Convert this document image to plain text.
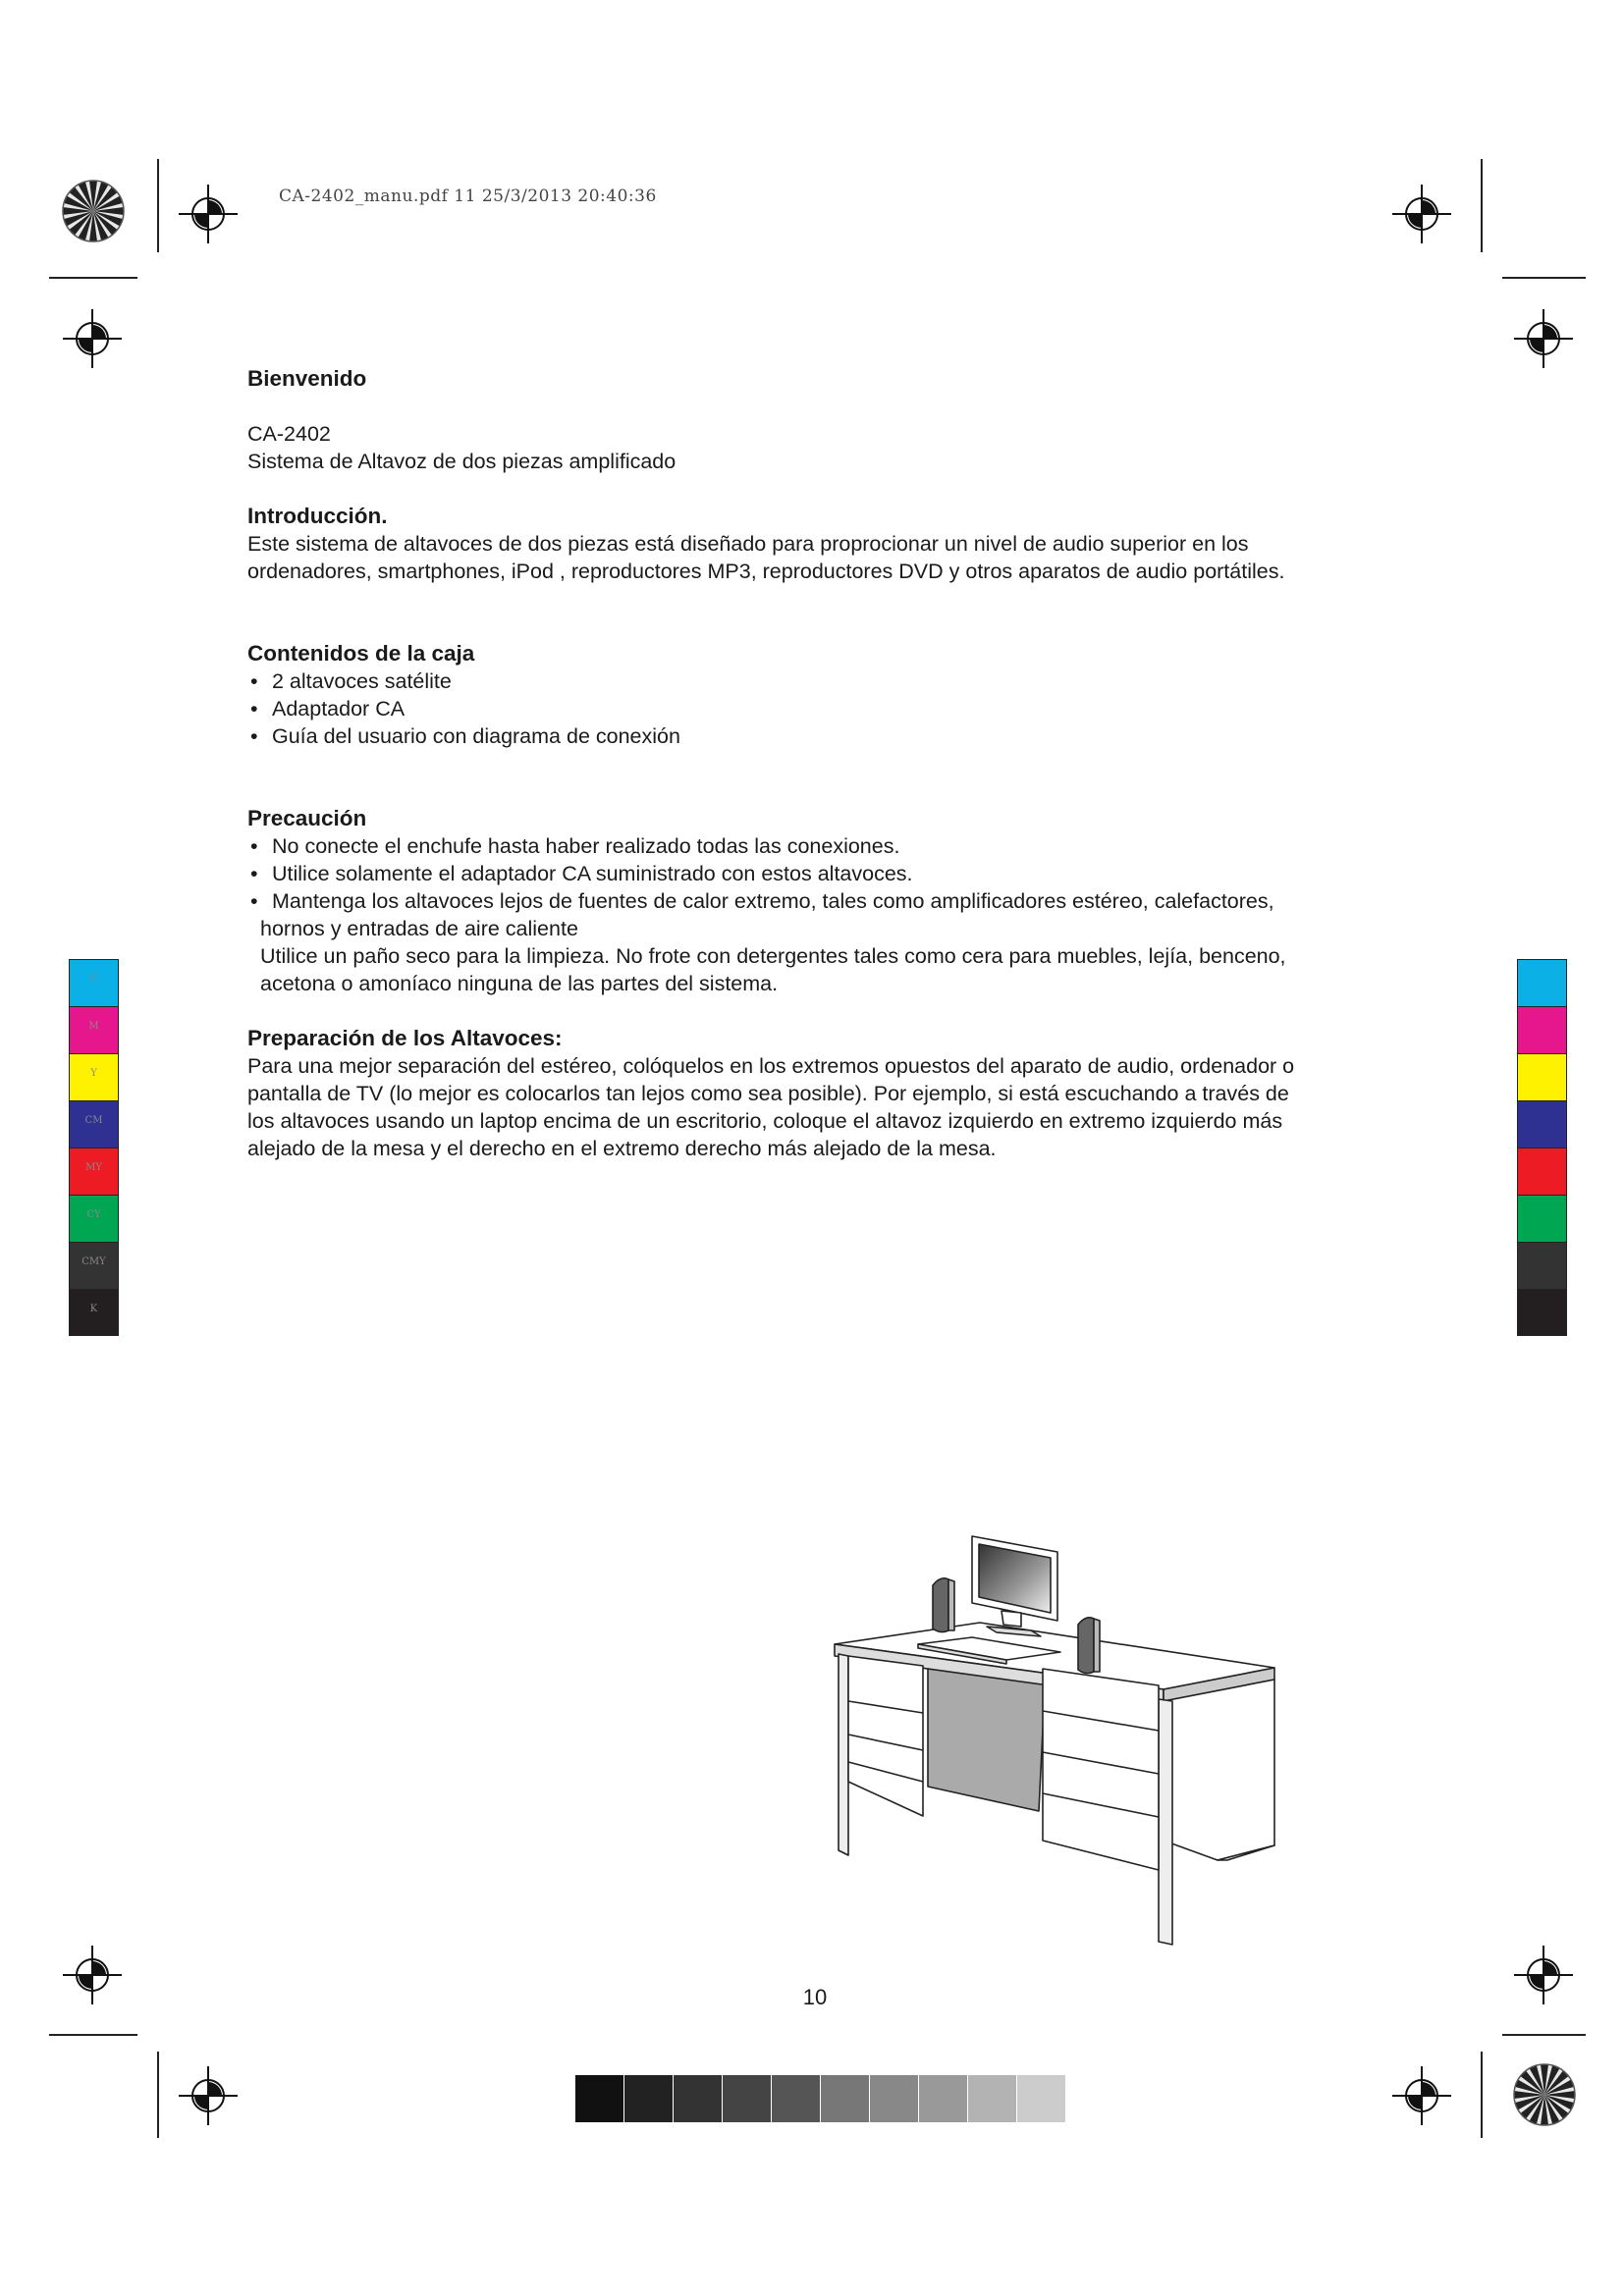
CA-2402_manu.pdf 11 25/3/2013 20:40:36
C
M
Y
CM
MY
CY
CMY
K

Bienvenido

CA-2402

Sistema de Altavoz de dos piezas amplificado

Introducción.

Este sistema de altavoces de dos piezas está diseñado para proprocionar un nivel de audio superior en los

ordenadores, smartphones, iPod , reproductores MP3, reproductores DVD y otros aparatos de audio portátiles.

Contenidos de la caja

• 2 altavoces satélite
• Adaptador CA
• Guía del usuario con diagrama de conexión

Precaución

• No conecte el enchufe hasta haber realizado todas las conexiones.
• Utilice solamente el adaptador CA suministrado con estos altavoces.
• Mantenga los altavoces lejos de fuentes de calor extremo, tales como amplificadores estéreo, calefactores,

hornos y entradas de aire caliente

Utilice un paño seco para la limpieza. No frote con detergentes tales como cera para muebles, lejía, benceno,

acetona o amoníaco ninguna de las partes del sistema.

Preparación de los Altavoces:

Para una mejor separación del estéreo, colóquelos en los extremos opuestos del aparato de audio, ordenador o

pantalla de TV (lo mejor es colocarlos tan lejos como sea posible). Por ejemplo, si está escuchando a través de

los altavoces usando un laptop encima de un escritorio, coloque el altavoz izquierdo en extremo izquierdo más

alejado de la mesa y el derecho en el extremo derecho más alejado de la mesa.

10
